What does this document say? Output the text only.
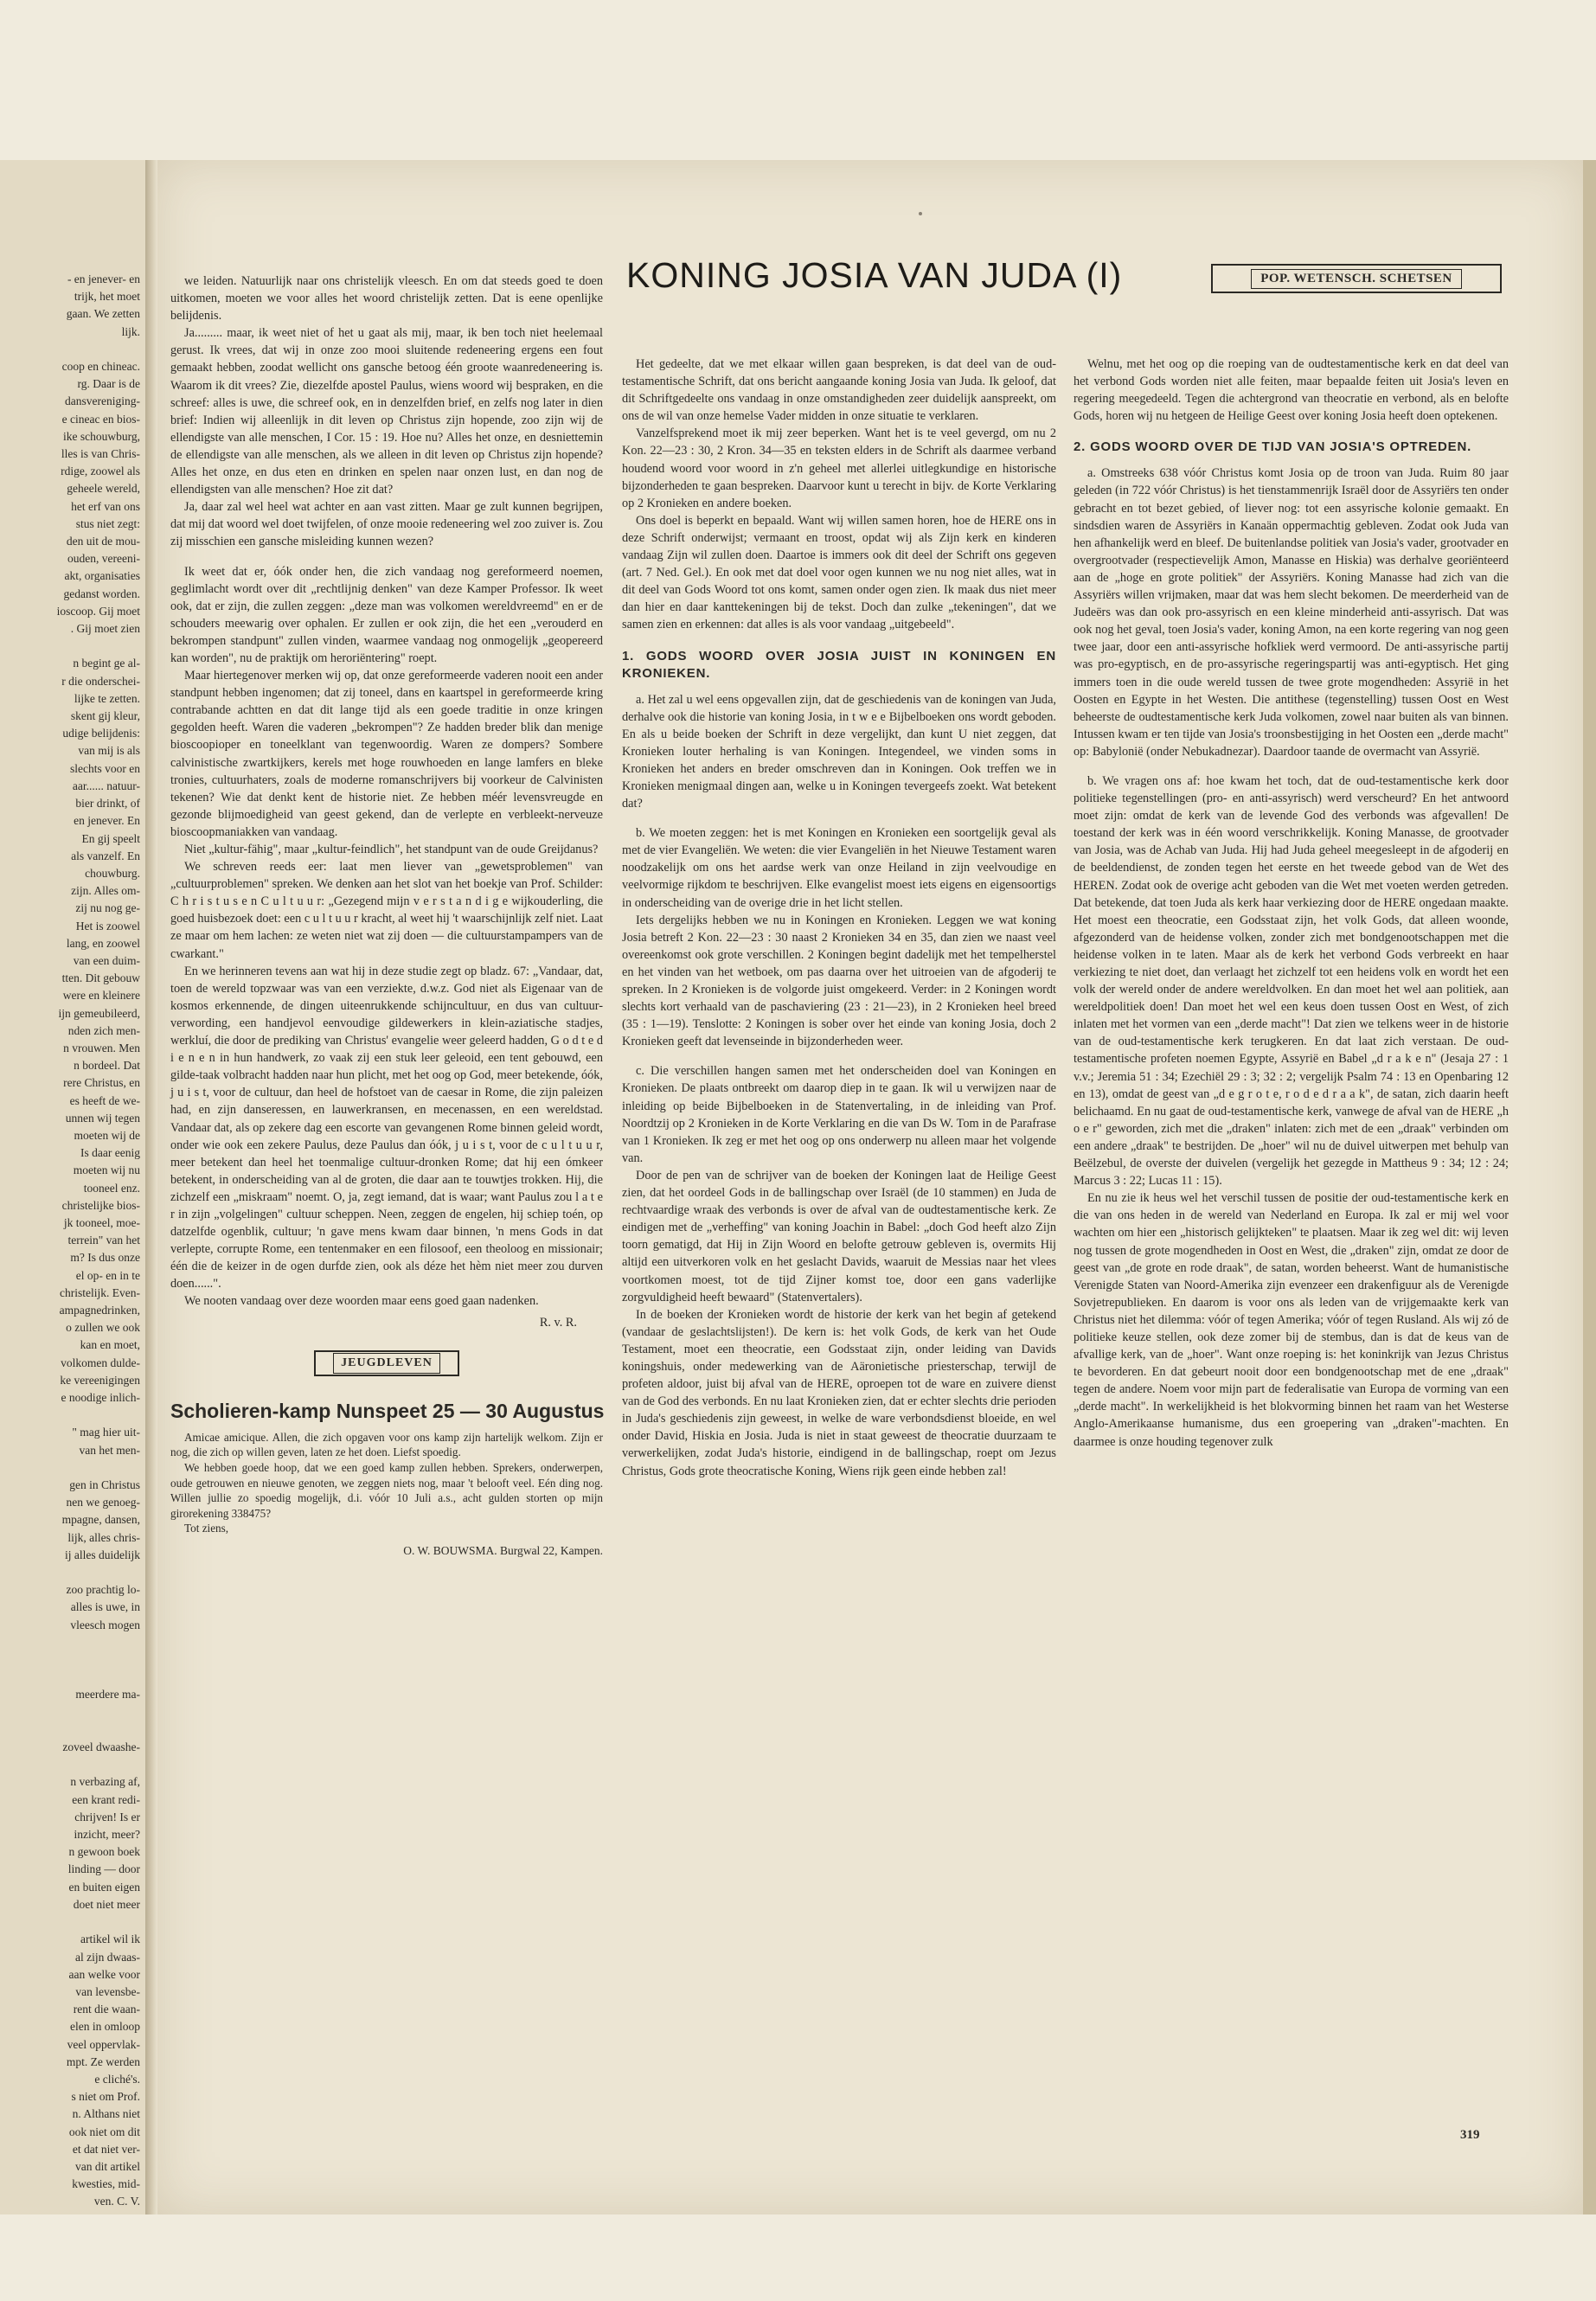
- en jenever- en

trijk, het moet

gaan. We zetten

lijk.

coop en chineac.

rg. Daar is de

dansvereniging-

e cineac en bios-

ike schouwburg,

lles is van Chris-

rdige, zoowel als

geheele wereld,

het erf van ons

stus niet zegt:

den uit de mou-

ouden, vereeni-

akt, organisaties

gedanst worden.

ioscoop. Gij moet

. Gij moet zien

n begint ge al-

r die onderschei-

lijke te zetten.

skent gij kleur,

udige belijdenis:

van mij is als

slechts voor en

aar...... natuur-

bier drinkt, of

en jenever. En

En gij speelt

als vanzelf. En

chouwburg.

zijn. Alles om-

zij nu nog ge-

Het is zoowel

lang, en zoowel

van een duim-

tten. Dit gebouw

were en kleinere

ijn gemeubileerd,

nden zich men-

n vrouwen. Men

n bordeel. Dat

rere Christus, en

es heeft de we-

unnen wij tegen

moeten wij de

Is daar eenig

moeten wij nu

tooneel enz.

christelijke bios-

jk tooneel, moe-

terrein" van het

m? Is dus onze

el op- en in te

christelijk. Even-

ampagnedrinken,

o zullen we ook

kan en moet,

volkomen dulde-

ke vereenigingen

e noodige inlich-

" mag hier uit-

van het men-

gen in Christus

nen we genoeg-

mpagne, dansen,

lijk, alles chris-

ij alles duidelijk

zoo prachtig lo-

alles is uwe, in

vleesch mogen

meerdere ma-

zoveel dwaashe-

n verbazing af,

een krant redi-

chrijven! Is er

inzicht, meer?

n gewoon boek

linding — door

en buiten eigen

doet niet meer

artikel wil ik

al zijn dwaas-

aan welke voor

van levensbe-

rent die waan-

elen in omloop

veel oppervlak-

mpt. Ze werden

e cliché's.

s niet om Prof.

n. Althans niet

ook niet om dit

et dat niet ver-

van dit artikel

kwesties, mid-

ven. C. V.

we leiden. Natuurlijk naar ons christelijk vleesch. En om dat steeds goed te doen uitkomen, moeten we voor alles het woord christelijk zetten. Dat is eene openlijke belijdenis.

Ja......... maar, ik weet niet of het u gaat als mij, maar, ik ben toch niet heelemaal gerust. Ik vrees, dat wij in onze zoo mooi sluitende redeneering ergens een fout gemaakt hebben, zoodat wellicht ons gansche betoog één groote waanredeneering is. Waarom ik dit vrees? Zie, diezelfde apostel Paulus, wiens woord wij bespraken, en die schreef: alles is uwe, die schreef ook, en in denzelfden brief, en zelfs nog later in dien brief: Indien wij alleenlijk in dit leven op Christus zijn hopende, zoo zijn wij de ellendigste van alle menschen, I Cor. 15 : 19. Hoe nu? Alles het onze, en desniettemin de ellendigste van alle menschen, als we alleen in dit leven op Christus zijn hopende? Alles het onze, en dus eten en drinken en spelen naar onzen lust, en dan nog de ellendigsten van alle menschen? Hoe zit dat?

Ja, daar zal wel heel wat achter en aan vast zitten. Maar ge zult kunnen begrijpen, dat mij dat woord wel doet twijfelen, of onze mooie redeneering wel zoo zuiver is. Zou zij misschien een gansche misleiding kunnen wezen?

Ik weet dat er, óók onder hen, die zich vandaag nog gereformeerd noemen, geglimlacht wordt over dit „rechtlijnig denken" van deze Kamper Professor. Ik weet ook, dat er zijn, die zullen zeggen: „deze man was volkomen wereldvreemd" en er de schouders meewarig over ophalen. Er zullen er ook zijn, die het een „verouderd en bekrompen standpunt" zullen vinden, waarmee vandaag nog onmogelijk „geopereerd kan worden", nu de praktijk om heroriëntering" roept.

Maar hiertegenover merken wij op, dat onze gereformeerde vaderen nooit een ander standpunt hebben ingenomen; dat zij toneel, dans en kaartspel in gereformeerde kring contrabande achtten en dat dit lange tijd als een goede traditie in onze kringen gegolden heeft. Waren die vaderen „bekrompen"? Ze hadden breder blik dan menige bioscoopioper en toneelklant van tegenwoordig. Waren ze dompers? Sombere calvinistische zwartkijkers, kerels met hoge rouwhoeden en lange lamfers en bleke tronies, cultuurhaters, zoals de moderne romanschrijvers bij voorkeur de Calvinisten tekenen? Wie dat denkt kent de historie niet. Ze hebben méér levensvreugde en gezonde blijmoedigheid van geest gekend, dan de verlepte en verbleekt-nerveuze bioscoopmaniakken van vandaag.

Niet „kultur-fähig", maar „kultur-feindlich", het standpunt van de oude Greijdanus?

We schreven reeds eer: laat men liever van „gewetsproblemen" van „cultuurproblemen" spreken. We denken aan het slot van het boekje van Prof. Schilder: C h r i s t u s e n C u l t u u r: „Gezegend mijn v e r s t a n d i g e wijkouderling, die goed huisbezoek doet: een c u l t u u r kracht, al weet hij 't waarschijnlijk zelf niet. Laat ze maar om hem lachen: ze weten niet wat zij doen — die cultuurstampampers van de cwarkant."

En we herinneren tevens aan wat hij in deze studie zegt op bladz. 67: „Vandaar, dat, toen de wereld topzwaar was van een verziekte, d.w.z. God niet als Eigenaar van de kosmos erkennende, de dingen uiteenrukkende schijncultuur, en dus van cultuur-verwording, een handjevol eenvoudige gildewerkers in klein-aziatische stadjes, werkluí, die door de prediking van Christus' evangelie weer geleerd hadden, G o d t e d i e n e n in hun handwerk, zo vaak zij een stuk leer geleoid, een tent gebouwd, een gilde-taak volbracht hadden naar hun plicht, met het oog op God, meer betekende, óók, j u i s t, voor de cultuur, dan heel de hofstoet van de caesar in Rome, die zijn paleizen had, en zijn danseressen, en lauwerkransen, en mecenassen, en een wereldstad. Vandaar dat, als op zekere dag een escorte van gevangenen Rome binnen geleid wordt, onder wie ook een zekere Paulus, deze Paulus dan óók, j u i s t, voor de c u l t u u r, meer betekent dan heel het toenmalige cultuur-dronken Rome; dat hij een ómkeer betekent, in onderscheiding van al de groten, die daar aan te touwtjes trokken. Hij, die zichzelf een „miskraam" noemt. O, ja, zegt iemand, dat is waar; want Paulus zou l a t e r in zijn „volgelingen" cultuur scheppen. Neen, zeggen de engelen, hij schiep toén, op datzelfde ogenblik, cultuur; 'n gave mens kwam daar binnen, 'n mens Gods in dat verlepte, corrupte Rome, een tentenmaker en een filosoof, een theoloog en missionair; één die de keizer in de ogen durfde zien, ook als déze het hèm niet meer zou durven doen......".

We nooten vandaag over deze woorden maar eens goed gaan nadenken.

R. v. R.
JEUGDLEVEN
Scholieren-kamp Nunspeet 25 — 30 Augustus

Amicae amicique. Allen, die zich opgaven voor ons kamp zijn hartelijk welkom. Zijn er nog, die zich op willen geven, laten ze het doen. Liefst spoedig.

We hebben goede hoop, dat we een goed kamp zullen hebben. Sprekers, onderwerpen, oude getrouwen en nieuwe genoten, we zeggen niets nog, maar 't belooft veel. Eén ding nog. Willen jullie zo spoedig mogelijk, d.i. vóór 10 Juli a.s., acht gulden storten op mijn girorekening 338475?

Tot ziens,

O. W. BOUWSMA. Burgwal 22, Kampen.
KONING JOSIA VAN JUDA (I)	POP. WETENSCH. SCHETSEN

Het gedeelte, dat we met elkaar willen gaan bespreken, is dat deel van de oud-testamentische Schrift, dat ons bericht aangaande koning Josia van Juda. Ik geloof, dat dit Schriftgedeelte ons vandaag in onze omstandigheden zeer duidelijk aanspreekt, om ons de wil van onze hemelse Vader midden in onze situatie te verklaren.

Vanzelfsprekend moet ik mij zeer beperken. Want het is te veel gevergd, om nu 2 Kon. 22—23 : 30, 2 Kron. 34—35 en teksten elders in de Schrift als daarmee verband houdend woord voor woord in z'n geheel met allerlei uitlegkundige en historische bijzonderheden te gaan bespreken. Daarvoor kunt u terecht in bijv. de Korte Verklaring op 2 Kronieken en andere boeken.

Ons doel is beperkt en bepaald. Want wij willen samen horen, hoe de HERE ons in deze Schrift onderwijst; vermaant en troost, opdat wij als Zijn kerk en kinderen vandaag Zijn wil zullen doen. Daartoe is immers ook dit deel der Schrift ons gegeven (art. 7 Ned. Gel.). En ook met dat doel voor ogen kunnen we nu nog niet alles, wat in dit deel van Gods Woord tot ons komt, samen onder ogen zien. Ik maak dus niet meer dan hier en daar kanttekeningen bij de tekst. Doch dan zulke „tekeningen", dat we samen zien en erkennen: dat alles is als voor vandaag „uitgebeeld".

1. GODS WOORD OVER JOSIA JUIST IN KONINGEN EN KRONIEKEN.

a. Het zal u wel eens opgevallen zijn, dat de geschiedenis van de koningen van Juda, derhalve ook die historie van koning Josia, in t w e e Bijbelboeken ons wordt geboden. En als u beide boeken der Schrift in deze vergelijkt, dan kunt U niet zeggen, dat Kronieken louter herhaling is van Koningen. Integendeel, we vinden soms in Kronieken het anders en breder omschreven dan in Koningen. Ook treffen we in Kronieken menigmaal dingen aan, welke u in Koningen tevergeefs zoekt. Wat betekent dat?

b. We moeten zeggen: het is met Koningen en Kronieken een soortgelijk geval als met de vier Evangeliën. We weten: die vier Evangeliën in het Nieuwe Testament waren noodzakelijk om ons het aardse werk van onze Heiland in zijn veelvoudige en veelvormige rijkdom te beschrijven. Elke evangelist moest iets eigens en eigensoortigs in onderscheiding van de overige drie in het licht stellen.

Iets dergelijks hebben we nu in Koningen en Kronieken. Leggen we wat koning Josia betreft 2 Kon. 22—23 : 30 naast 2 Kronieken 34 en 35, dan zien we naast veel overeenkomst ook grote verschillen. 2 Koningen begint dadelijk met het tempelherstel en het vinden van het wetboek, om pas daarna over het uitroeien van de afgoderij te spreken. In 2 Kronieken is de volgorde juist omgekeerd. Verder: in 2 Koningen wordt slechts kort verhaald van de paschaviering (23 : 21—23), in 2 Kronieken heel breed (35 : 1—19). Tenslotte: 2 Koningen is sober over het einde van koning Josia, doch 2 Kronieken geeft dat levenseinde in bijzonderheden weer.

c. Die verschillen hangen samen met het onderscheiden doel van Koningen en Kronieken. De plaats ontbreekt om daarop diep in te gaan. Ik wil u verwijzen naar de inleiding op beide Bijbelboeken in de Statenvertaling, in de inleiding van Prof. Noordtzij op 2 Kronieken in de Korte Verklaring en die van Ds W. Tom in de Parafrase van 1 Kronieken. Ik zeg er met het oog op ons onderwerp nu alleen maar het volgende van.

Door de pen van de schrijver van de boeken der Koningen laat de Heilige Geest zien, dat het oordeel Gods in de ballingschap over Israël (de 10 stammen) en Juda de rechtvaardige wraak des verbonds is over de afval van de oudtestamentische kerk. Ze eindigen met de „verheffing" van koning Joachin in Babel: „doch God heeft alzo Zijn toorn gematigd, dat Hij in Zijn Woord en belofte getrouw gebleven is, overmits Hij altijd een uitverkoren volk en het geslacht Davids, waaruit de Messias naar het vlees voortkomen moest, tot de tijd Zijner komst toe, door een gans vaderlijke zorgvuldigheid heeft bewaard" (Statenvertalers).

In de boeken der Kronieken wordt de historie der kerk van het begin af getekend (vandaar de geslachtslijsten!). De kern is: het volk Gods, de kerk van het Oude Testament, moet een theocratie, een Godsstaat zijn, onder leiding van Davids koningshuis, onder medewerking van de Aäronietische priesterschap, terwijl de profeten aldoor, juist bij afval van de HERE, oproepen tot de ware en zuivere dienst van de God des verbonds. En nu laat Kronieken zien, dat er echter slechts drie perioden in Juda's geschiedenis zijn geweest, in welke de ware verbondsdienst bloeide, en wel onder David, Hiskia en Josia. Juda is niet in staat geweest de theocratie duurzaam te verwerkelijken, zodat Juda's historie, eindigend in de ballingschap, roept om Jezus Christus, Gods grote theocratische Koning, Wiens rijk geen einde hebben zal!

Welnu, met het oog op die roeping van de oudtestamentische kerk en dat deel van het verbond Gods worden niet alle feiten, maar bepaalde feiten uit Josia's leven en regering meegedeeld. Tegen die achtergrond van theocratie en verbond, als en belofte Gods, horen wij nu hetgeen de Heilige Geest over koning Josia heeft doen optekenen.

2. GODS WOORD OVER DE TIJD VAN JOSIA'S OPTREDEN.

a. Omstreeks 638 vóór Christus komt Josia op de troon van Juda. Ruim 80 jaar geleden (in 722 vóór Christus) is het tienstammenrijk Israël door de Assyriërs ten onder gebracht en tot bezet gebied, of liever nog: tot een assyrische kolonie gemaakt. En sindsdien waren de Assyriërs in Kanaän oppermachtig gebleven. Zodat ook Juda van hen afhankelijk werd en bleef. De buitenlandse politiek van Josia's vader, grootvader en overgrootvader (respectievelijk Amon, Manasse en Hiskia) was derhalve georiënteerd aan de „hoge en grote politiek" der Assyriërs. Koning Manasse had zich van die Assyriërs willen vrijmaken, maar dat was hem slecht bekomen. De meerderheid van de Judeërs was dan ook pro-assyrisch en een kleine minderheid anti-assyrisch. Dat was ook nog het geval, toen Josia's vader, koning Amon, na een korte regering van nog geen twee jaar, door een anti-assyrische hofkliek werd vermoord. De anti-assyrische partij was pro-egyptisch, en de pro-assyrische regeringspartij was anti-egyptisch. Het ging immers toen in die oude wereld tussen de twee grote mogendheden: Assyrië in het Oosten en Egypte in het Westen. Die antithese (tegenstelling) tussen Oost en West beheerste de oudtestamentische kerk Juda volkomen, zowel naar buiten als van binnen. Intussen kwam er ten tijde van Josia's troonsbestijging in het Oosten een „derde macht" op: Babylonië (onder Nebukadnezar). Daardoor taande de overmacht van Assyrië.

b. We vragen ons af: hoe kwam het toch, dat de oud-testamentische kerk door politieke tegenstellingen (pro- en anti-assyrisch) werd verscheurd? En het antwoord moet zijn: omdat de kerk van de levende God des verbonds was afgevallen! De toestand der kerk was in één woord verschrikkelijk. Koning Manasse, de grootvader van Josia, was de Achab van Juda. Hij had Juda geheel meegesleept in de afgoderij en de beeldendienst, de zonden tegen het eerste en het tweede gebod van de Wet des HEREN. Zodat ook de overige acht geboden van die Wet met voeten werden getreden. Dat betekende, dat toen Juda als kerk haar verkiezing door de HERE ongedaan maakte. Het moest een theocratie, een Godsstaat zijn, het volk Gods, dat alleen woonde, afgezonderd van de heidense volken, zonder zich met bondgenootschappen met die heidense volken in te laten. Maar als de kerk het verbond Gods verbreekt en haar verkiezing te niet doet, dan verlaagt het zichzelf tot een heidens volk en wordt het een volk der wereld onder de andere wereldvolken. En dan moet het wel aan politiek, aan wereldpolitiek doen! Dan moet het wel een keus doen tussen Oost en West, of zich inlaten met het vormen van een „derde macht"! Dat zien we telkens weer in de historie van de oud-testamentische kerk terugkeren. En dat laat zich verstaan. De oud-testamentische profeten noemen Egypte, Assyrië en Babel „d r a k e n" (Jesaja 27 : 1 v.v.; Jeremia 51 : 34; Ezechiël 29 : 3; 32 : 2; vergelijk Psalm 74 : 13 en Openbaring 12 en 13), omdat de geest van „d e g r o t e, r o d e d r a a k", de satan, zich daarin heeft belichaamd. En nu gaat de oud-testamentische kerk, vanwege de afval van de HERE „h o e r" geworden, zich met die „draken" inlaten: zich met de een „draak" verbinden om een andere „draak" te bestrijden. De „hoer" wil nu de duivel uitwerpen met behulp van Beëlzebul, de overste der duivelen (vergelijk het gezegde in Mattheus 9 : 34; 12 : 24; Marcus 3 : 22; Lucas 11 : 15).

En nu zie ik heus wel het verschil tussen de positie der oud-testamentische kerk en die van ons heden in de wereld van Nederland en Europa. Ik zal er mij wel voor wachten om hier een „historisch gelijkteken" te plaatsen. Maar ik zeg wel dit: wij leven nog tussen de grote mogendheden in Oost en West, die „draken" zijn, omdat ze door de geest van „de grote en rode draak", de satan, worden beheerst. Want de humanistische Verenigde Staten van Noord-Amerika zijn evenzeer een drakenfiguur als de Verenigde Sovjetrepublieken. En daarom is voor ons als leden van de vrijgemaakte kerk van Christus niet het dilemma: vóór of tegen Amerika; vóór of tegen Rusland. Als wij zó de politieke keuze stellen, ook deze zomer bij de stembus, dan is dat de keus van de afvallige kerk, van de „hoer". Want onze roeping is: het koninkrijk van Jezus Christus te bevorderen. En dat gebeurt nooit door een bondgenootschap met de ene „draak" tegen de andere. Noem voor mijn part de federalisatie van Europa de vorming van een „derde macht". In werkelijkheid is het blokvorming binnen het raam van het Westerse Anglo-Amerikaanse humanisme, dus een groepering van „draken"-machten. En daarmee is onze houding tegenover zulk

319
